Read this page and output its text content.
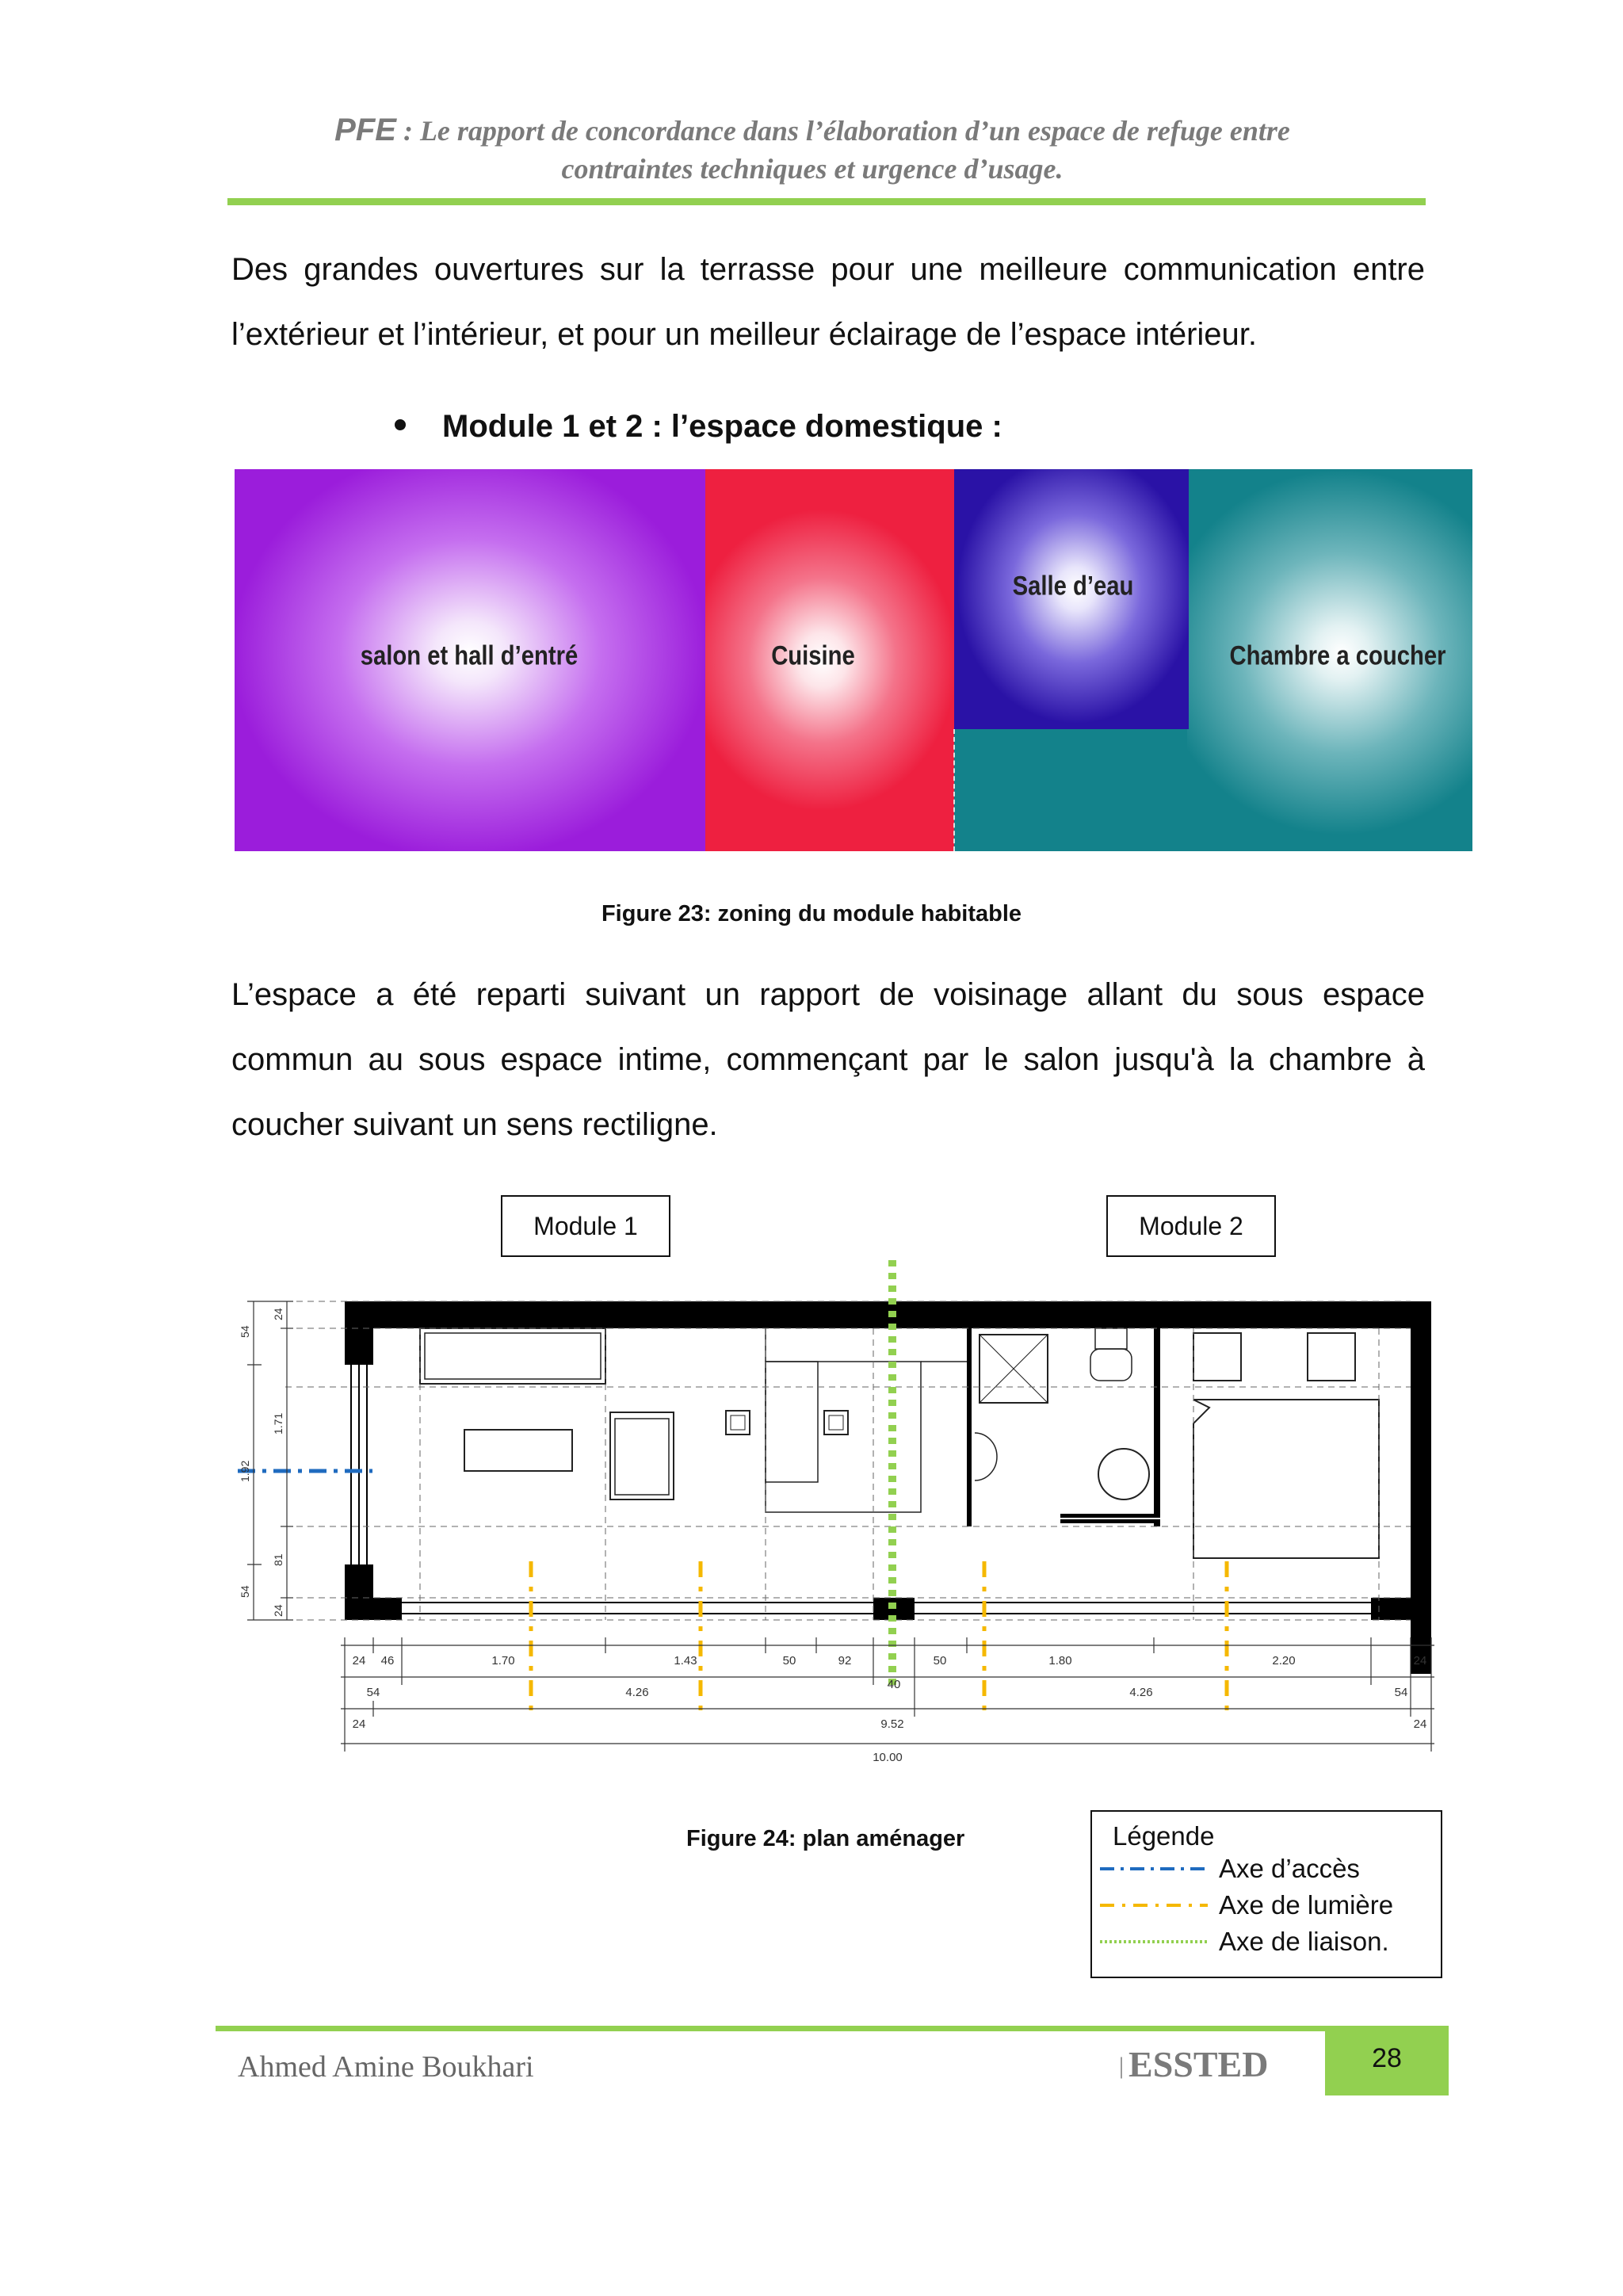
PFE : Le rapport de concordance dans l’élaboration d’un espace de refuge entre
contraintes techniques et urgence d’usage.
Des grandes ouvertures sur la terrasse pour une meilleure communication entre l’extérieur et l’intérieur, et pour un meilleur éclairage de l’espace intérieur.
Module 1 et 2 : l’espace domestique :
salon et hall d’entré	Cuisine	Chambre a coucher
Salle d’eau
Figure 23: zoning du module habitable
L’espace a été reparti suivant un rapport de voisinage allant du sous espace commun au sous espace intime, commençant par le salon jusqu'à la chambre à coucher suivant un sens rectiligne.
Module 1	Module 2
54
24
1.71
1.92
81
54
24
24 46	1.70	1.43	50	92
40
50	1.80	2.20	24
54	4.26	4.26	54
24	9.52	24
10.00
Figure 24: plan aménager	Légende
Axe d’accès
Axe de lumière
Axe de liaison.
Ahmed Amine Boukhari	| ESSTED	28
